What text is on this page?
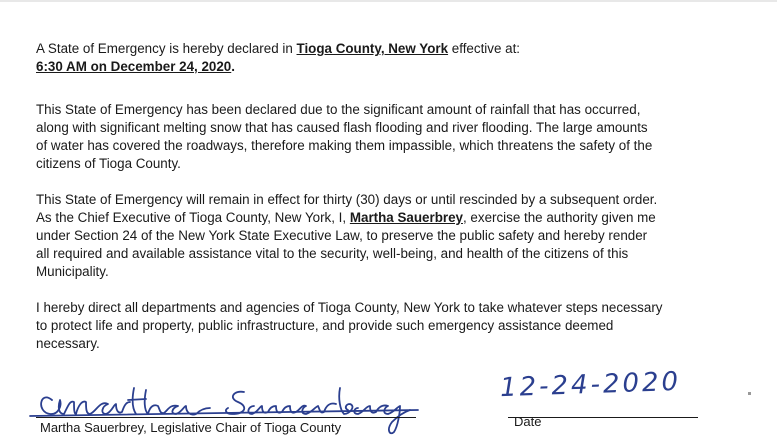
A State of Emergency is hereby declared in Tioga County, New York effective at:
6:30 AM on December 24, 2020.

This State of Emergency has been declared due to the significant amount of rainfall that has occurred,
along with significant melting snow that has caused flash flooding and river flooding. The large amounts
of water has covered the roadways, therefore making them impassible, which threatens the safety of the
citizens of Tioga County.

This State of Emergency will remain in effect for thirty (30) days or until rescinded by a subsequent order.
As the Chief Executive of Tioga County, New York, I, Martha Sauerbrey, exercise the authority given me
under Section 24 of the New York State Executive Law, to preserve the public safety and hereby render
all required and available assistance vital to the security, well-being, and health of the citizens of this
Municipality.

I hereby direct all departments and agencies of Tioga County, New York to take whatever steps necessary
to protect life and property, public infrastructure, and provide such emergency assistance deemed
necessary.

12-24-2020
Martha Sauerbrey, Legislative Chair of Tioga County	Date
